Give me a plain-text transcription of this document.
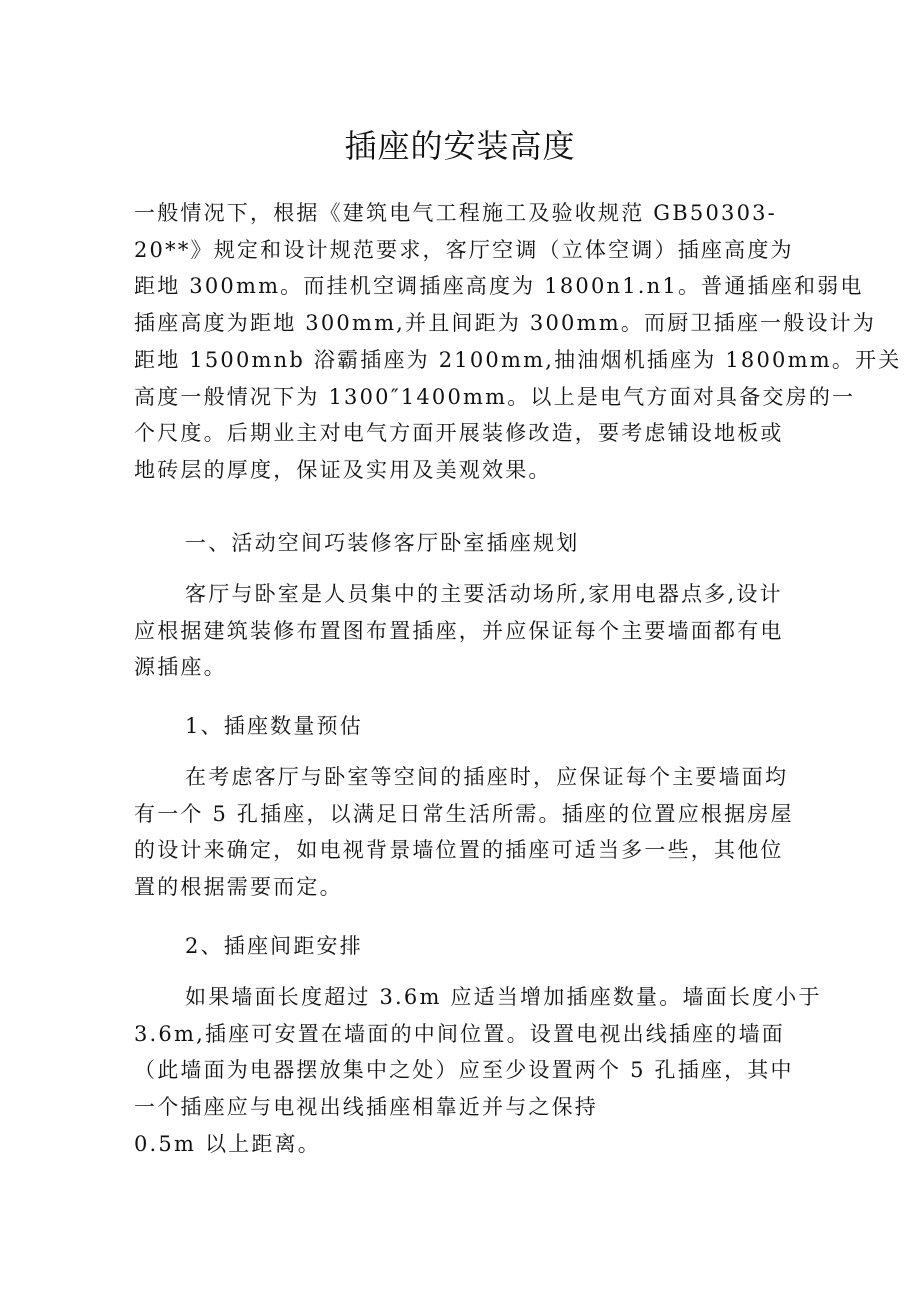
插座的安装高度

一般情况下，根据《建筑电气工程施工及验收规范 GB50303-
20**》规定和设计规范要求，客厅空调（立体空调）插座高度为
距地 300mm。而挂机空调插座高度为 1800n1.n1。普通插座和弱电
插座高度为距地 300mm,并且间距为 300mm。而厨卫插座一般设计为
距地 1500mnb 浴霸插座为 2100mm,抽油烟机插座为 1800mm。开关
高度一般情况下为 1300″1400mm。以上是电气方面对具备交房的一
个尺度。后期业主对电气方面开展装修改造，要考虑铺设地板或
地砖层的厚度，保证及实用及美观效果。

一、活动空间巧装修客厅卧室插座规划

客厅与卧室是人员集中的主要活动场所,家用电器点多,设计
应根据建筑装修布置图布置插座，并应保证每个主要墙面都有电
源插座。

1、插座数量预估

在考虑客厅与卧室等空间的插座时，应保证每个主要墙面均
有一个 5 孔插座，以满足日常生活所需。插座的位置应根据房屋
的设计来确定，如电视背景墙位置的插座可适当多一些，其他位
置的根据需要而定。

2、插座间距安排

如果墙面长度超过 3.6m 应适当增加插座数量。墙面长度小于
3.6m,插座可安置在墙面的中间位置。设置电视出线插座的墙面
（此墙面为电器摆放集中之处）应至少设置两个 5 孔插座，其中
一个插座应与电视出线插座相靠近并与之保持
0.5m 以上距离。
